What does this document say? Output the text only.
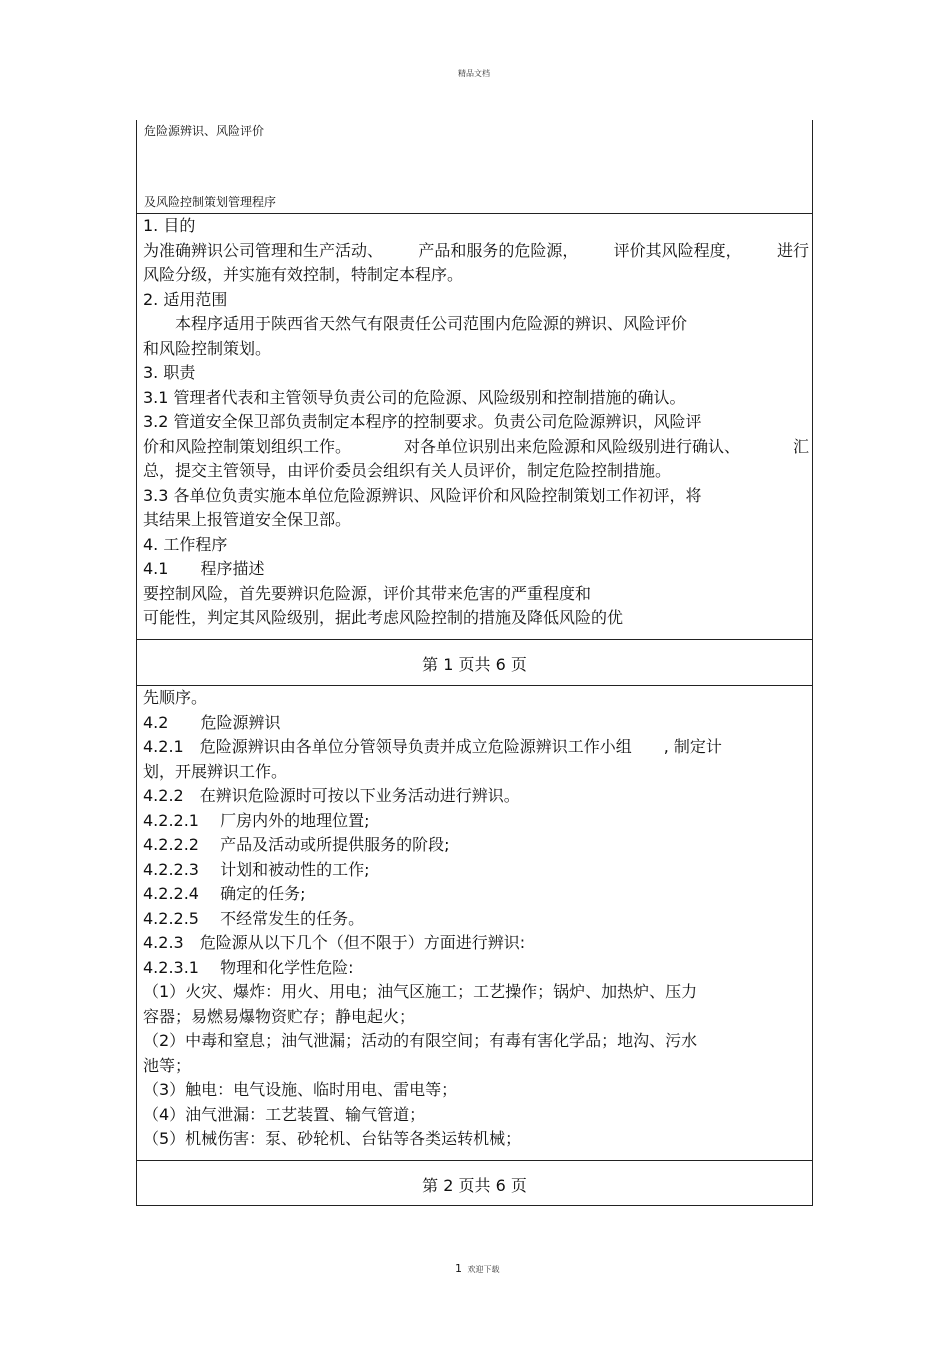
精品文档
危险源辨识、风险评价
及风险控制策划管理程序
1. 目的
为准确辨识公司管理和生产活动、 产品和服务的危险源， 评价其风险程度， 进行
风险分级，并实施有效控制，特制定本程序。
2. 适用范围
　　本程序适用于陕西省天然气有限责任公司范围内危险源的辨识、风险评价
和风险控制策划。
3. 职责
3.1 管理者代表和主管领导负责公司的危险源、风险级别和控制措施的确认。
3.2 管道安全保卫部负责制定本程序的控制要求。负责公司危险源辨识，风险评
价和风险控制策划组织工作。	对各单位识别出来危险源和风险级别进行确认、	汇
总，提交主管领导，由评价委员会组织有关人员评价，制定危险控制措施。
3.3 各单位负责实施本单位危险源辨识、风险评价和风险控制策划工作初评，将
其结果上报管道安全保卫部。
4. 工作程序
4.1　　程序描述
要控制风险，首先要辨识危险源，评价其带来危害的严重程度和
可能性，判定其风险级别，据此考虑风险控制的措施及降低风险的优
第 1 页共 6 页
先顺序。
4.2　　危险源辨识
4.2.1　危险源辨识由各单位分管领导负责并成立危险源辨识工作小组　　, 制定计
划，开展辨识工作。
4.2.2　在辨识危险源时可按以下业务活动进行辨识。
4.2.2.1　 厂房内外的地理位置;
4.2.2.2　 产品及活动或所提供服务的阶段;
4.2.2.3　 计划和被动性的工作;
4.2.2.4　 确定的任务;
4.2.2.5　 不经常发生的任务。
4.2.3　危险源从以下几个（但不限于）方面进行辨识:
4.2.3.1　 物理和化学性危险:
（1）火灾、爆炸：用火、用电；油气区施工；工艺操作；锅炉、加热炉、压力
容器；易燃易爆物资贮存；静电起火；
（2）中毒和窒息；油气泄漏；活动的有限空间；有毒有害化学品；地沟、污水
池等；
（3）触电：电气设施、临时用电、雷电等；
（4）油气泄漏：工艺装置、输气管道；
（5）机械伤害：泵、砂轮机、台钻等各类运转机械；
第 2 页共 6 页
1 欢迎下载
